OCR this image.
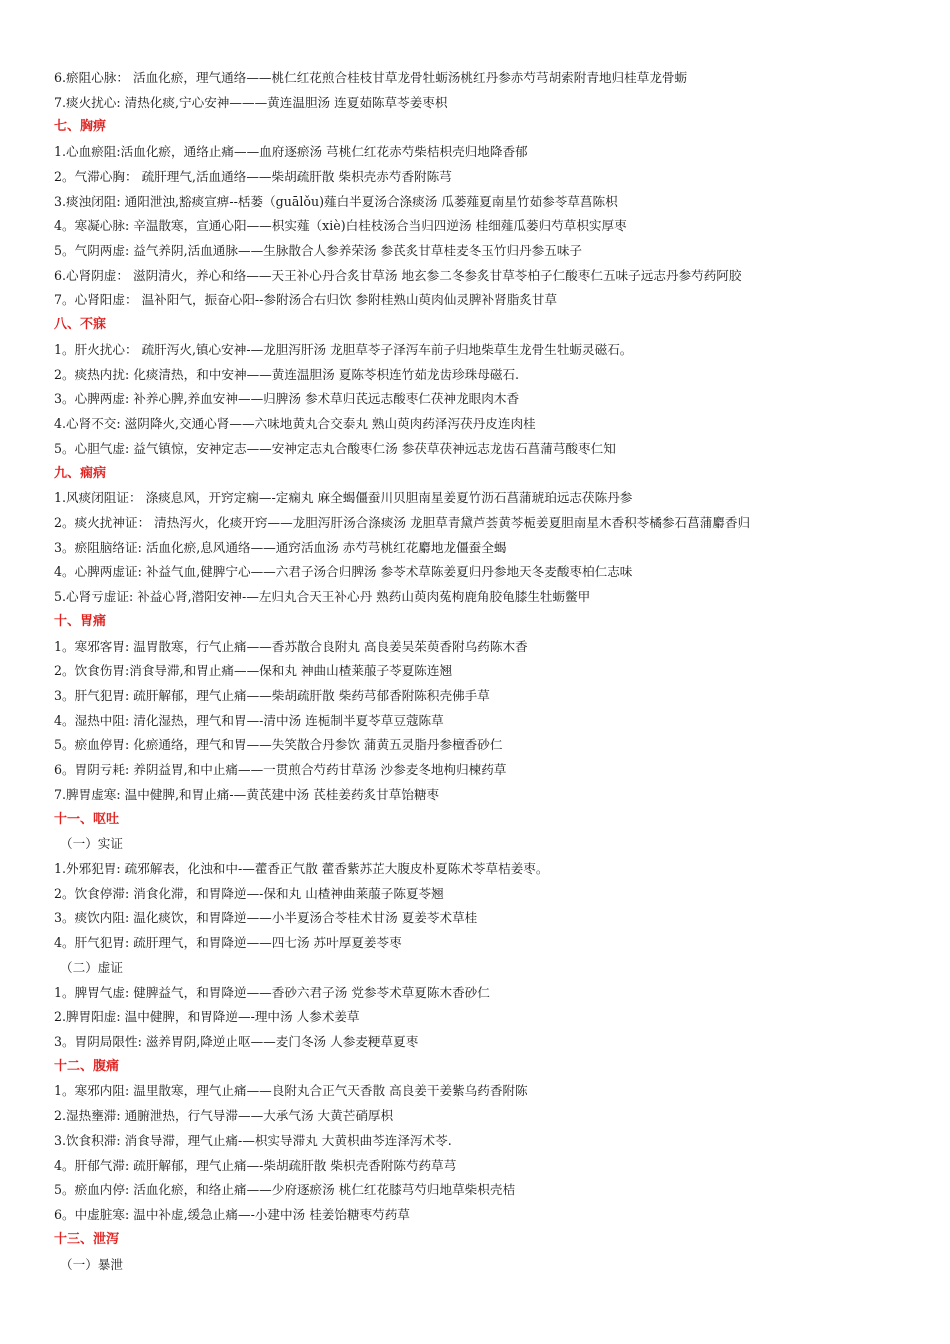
6.瘀阻心脉： 活血化瘀，理气通络——桃仁红花煎合桂枝甘草龙骨牡蛎汤桃红丹参赤芍芎胡索附青地归桂草龙骨蛎
7.痰火扰心: 清热化痰,宁心安神———黄连温胆汤 连夏茹陈草苓姜枣枳
七、胸痹
1.心血瘀阻:活血化瘀，通络止痛——血府逐瘀汤 芎桃仁红花赤芍柴桔枳壳归地降香郁
2。气滞心胸： 疏肝理气,活血通络——柴胡疏肝散 柴枳壳赤芍香附陈芎
3.痰浊闭阻: 通阳泄浊,豁痰宣痹--栝蒌（guālǒu)薤白半夏汤合涤痰汤 瓜蒌薤夏南星竹茹参苓草菖陈枳
4。寒凝心脉: 辛温散寒，宣通心阳——枳实薤（xiè)白桂枝汤合当归四逆汤 桂细薤瓜蒌归芍草枳实厚枣
5。气阴两虚: 益气养阴,活血通脉——生脉散合人参养荣汤 参芪炙甘草桂麦冬玉竹归丹参五味子
6.心肾阴虚： 滋阴清火，养心和络——天王补心丹合炙甘草汤 地玄参二冬参炙甘草苓柏子仁酸枣仁五味子远志丹参芍药阿胶
7。心肾阳虚： 温补阳气，振奋心阳--参附汤合右归饮 参附桂熟山萸肉仙灵脾补肾脂炙甘草
八、不寐
1。肝火扰心： 疏肝泻火,镇心安神-—龙胆泻肝汤 龙胆草苓子泽泻车前子归地柴草生龙骨生牡蛎灵磁石。
2。痰热内扰: 化痰清热，和中安神——黄连温胆汤 夏陈苓枳连竹茹龙齿珍珠母磁石.
3。心脾两虚: 补养心脾,养血安神——归脾汤 参术草归芪远志酸枣仁茯神龙眼肉木香
4.心肾不交: 滋阴降火,交通心肾——六味地黄丸合交泰丸 熟山萸肉药泽泻茯丹皮连肉桂
5。心胆气虚: 益气镇惊，安神定志——安神定志丸合酸枣仁汤 参茯草茯神远志龙齿石菖蒲芎酸枣仁知
九、痫病
1.风痰闭阻证： 涤痰息风，开窍定痫—-定痫丸 麻全蝎僵蚕川贝胆南星姜夏竹沥石菖蒲琥珀远志茯陈丹参
2。痰火扰神证： 清热泻火，化痰开窍——龙胆泻肝汤合涤痰汤 龙胆草青黛芦荟黄芩栀姜夏胆南星木香积苓橘参石菖蒲麝香归
3。瘀阻脑络证: 活血化瘀,息风通络——通窍活血汤 赤芍芎桃红花麝地龙僵蚕全蝎
4。心脾两虚证: 补益气血,健脾宁心——六君子汤合归脾汤 参苓术草陈姜夏归丹参地天冬麦酸枣柏仁志味
5.心肾亏虚证: 补益心肾,潜阳安神-—左归丸合天王补心丹 熟药山萸肉菟枸鹿角胶龟膝生牡蛎鳖甲
十、胃痛
1。寒邪客胃: 温胃散寒，行气止痛——香苏散合良附丸 高良姜吴茱萸香附乌药陈木香
2。饮食伤胃:消食导滞,和胃止痛——保和丸 神曲山楂莱菔子苓夏陈连翘
3。肝气犯胃: 疏肝解郁，理气止痛——柴胡疏肝散 柴药芎郁香附陈积壳佛手草
4。湿热中阻: 清化湿热，理气和胃—-清中汤 连栀制半夏苓草豆蔻陈草
5。瘀血停胃: 化瘀通络，理气和胃——失笑散合丹参饮 蒲黄五灵脂丹参檀香砂仁
6。胃阴亏耗: 养阴益胃,和中止痛——一贯煎合芍药甘草汤 沙参麦冬地枸归楝药草
7.脾胃虚寒: 温中健脾,和胃止痛-—黄芪建中汤 芪桂姜药炙甘草饴糖枣
十一、呕吐
（一）实证
1.外邪犯胃: 疏邪解表，化浊和中-—藿香正气散 藿香紫苏芷大腹皮朴夏陈术苓草桔姜枣。
2。饮食停滞: 消食化滞，和胃降逆—-保和丸 山楂神曲莱菔子陈夏苓翘
3。痰饮内阻: 温化痰饮，和胃降逆——小半夏汤合苓桂术甘汤 夏姜苓术草桂
4。肝气犯胃: 疏肝理气，和胃降逆——四七汤 苏叶厚夏姜苓枣
（二）虚证
1。脾胃气虚: 健脾益气，和胃降逆——香砂六君子汤 党参苓术草夏陈木香砂仁
2.脾胃阳虚: 温中健脾，和胃降逆—-理中汤 人参术姜草
3。胃阴局限性: 滋养胃阴,降逆止呕——麦门冬汤 人参麦粳草夏枣
十二、腹痛
1。寒邪内阻: 温里散寒，理气止痛——良附丸合正气天香散 高良姜干姜紫乌药香附陈
2.湿热壅滞: 通腑泄热，行气导滞——大承气汤 大黄芒硝厚枳
3.饮食积滞: 消食导滞，理气止痛-—枳实导滞丸 大黄枳曲芩连泽泻术苓.
4。肝郁气滞: 疏肝解郁，理气止痛—-柴胡疏肝散 柴枳壳香附陈芍药草芎
5。瘀血内停: 活血化瘀，和络止痛——少府逐瘀汤 桃仁红花膝芎芍归地草柴枳壳桔
6。中虚脏寒: 温中补虚,缓急止痛—-小建中汤 桂姜饴糖枣芍药草
十三、泄泻
（一）暴泄
